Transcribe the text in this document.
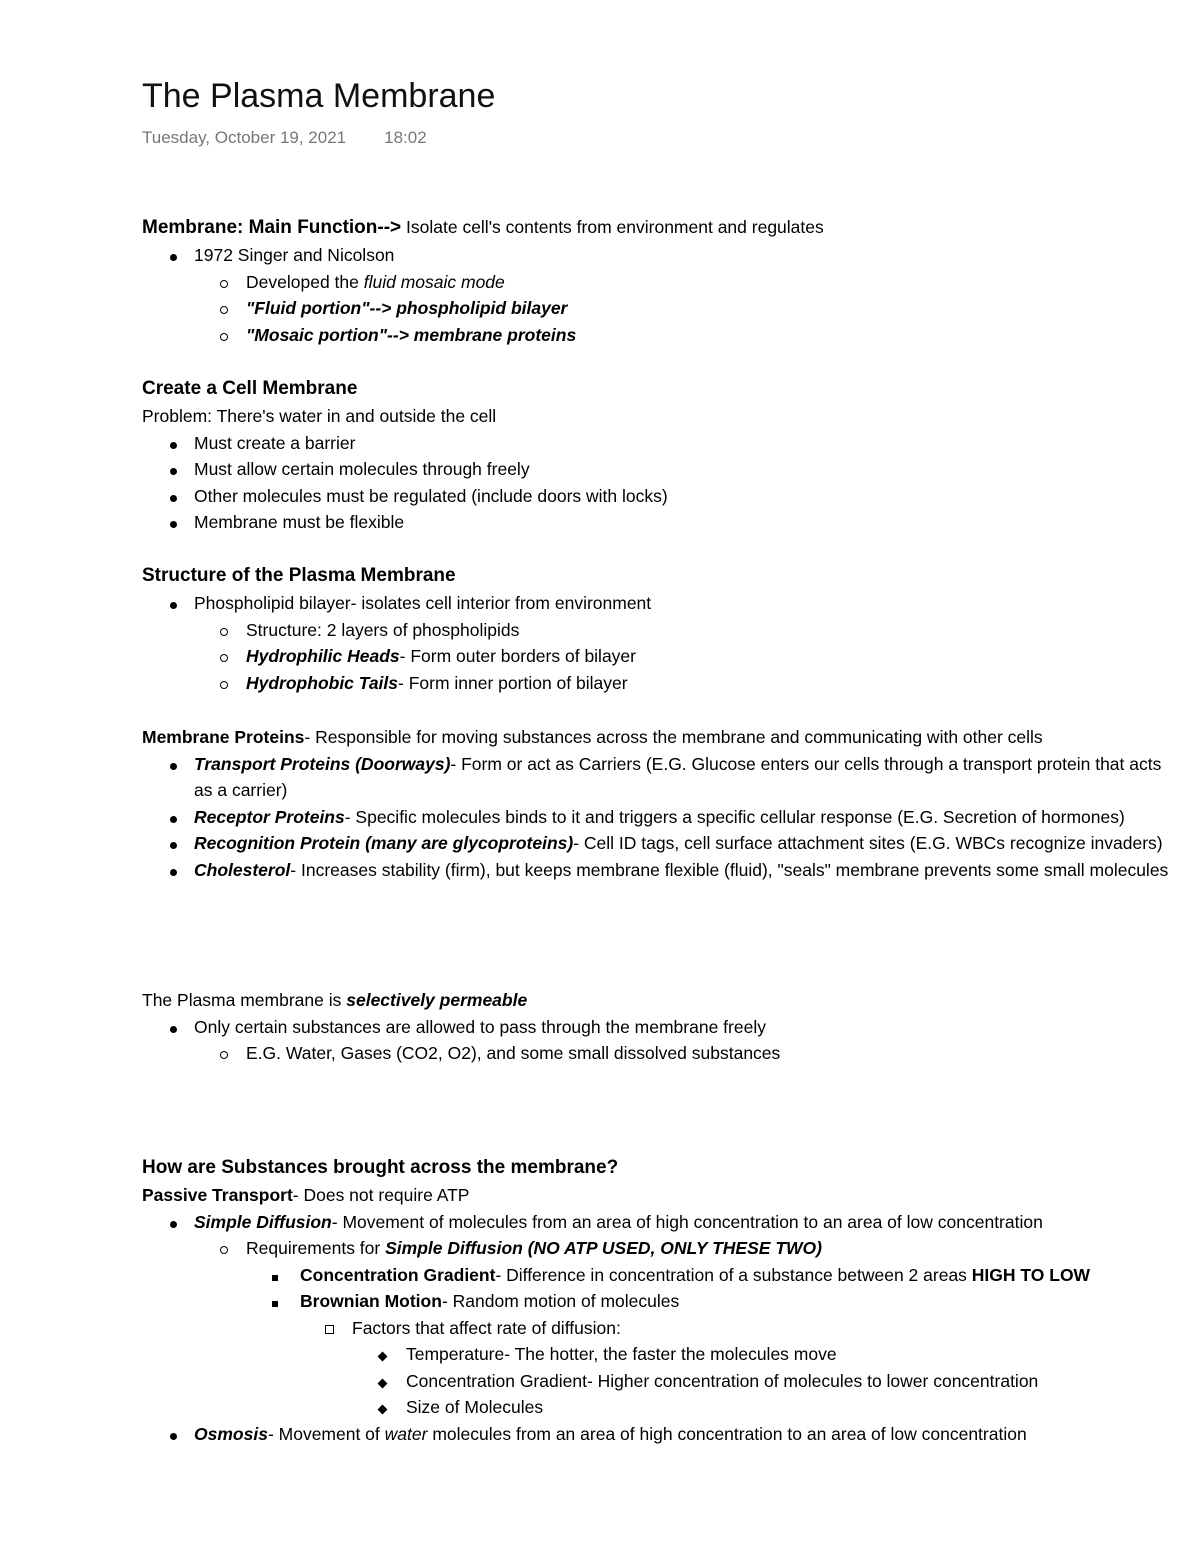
The Plasma Membrane
Tuesday, October 19, 2021 18:02
Membrane: Main Function--> Isolate cell's contents from environment and regulates
1972 Singer and Nicolson
Developed the fluid mosaic mode
"Fluid portion"--> phospholipid bilayer
"Mosaic portion"--> membrane proteins
Create a Cell Membrane
Problem: There's water in and outside the cell
Must create a barrier
Must allow certain molecules through freely
Other molecules must be regulated (include doors with locks)
Membrane must be flexible
Structure of the Plasma Membrane
Phospholipid bilayer- isolates cell interior from environment
Structure: 2 layers of phospholipids
Hydrophilic Heads- Form outer borders of bilayer
Hydrophobic Tails- Form inner portion of bilayer
Membrane Proteins- Responsible for moving substances across the membrane and communicating with other cells
Transport Proteins (Doorways)- Form or act as Carriers (E.G. Glucose enters our cells through a transport protein that acts as a carrier)
Receptor Proteins- Specific molecules binds to it and triggers a specific cellular response (E.G. Secretion of hormones)
Recognition Protein (many are glycoproteins)- Cell ID tags, cell surface attachment sites (E.G. WBCs recognize invaders)
Cholesterol- Increases stability (firm), but keeps membrane flexible (fluid), "seals" membrane prevents some small molecules
The Plasma membrane is selectively permeable
Only certain substances are allowed to pass through the membrane freely
E.G. Water, Gases (CO2, O2), and some small dissolved substances
How are Substances brought across the membrane?
Passive Transport- Does not require ATP
Simple Diffusion- Movement of molecules from an area of high concentration to an area of low concentration
Requirements for Simple Diffusion (NO ATP USED, ONLY THESE TWO)
Concentration Gradient- Difference in concentration of a substance between 2 areas HIGH TO LOW
Brownian Motion- Random motion of molecules
Factors that affect rate of diffusion:
Temperature- The hotter, the faster the molecules move
Concentration Gradient- Higher concentration of molecules to lower concentration
Size of Molecules
Osmosis- Movement of water molecules from an area of high concentration to an area of low concentration
